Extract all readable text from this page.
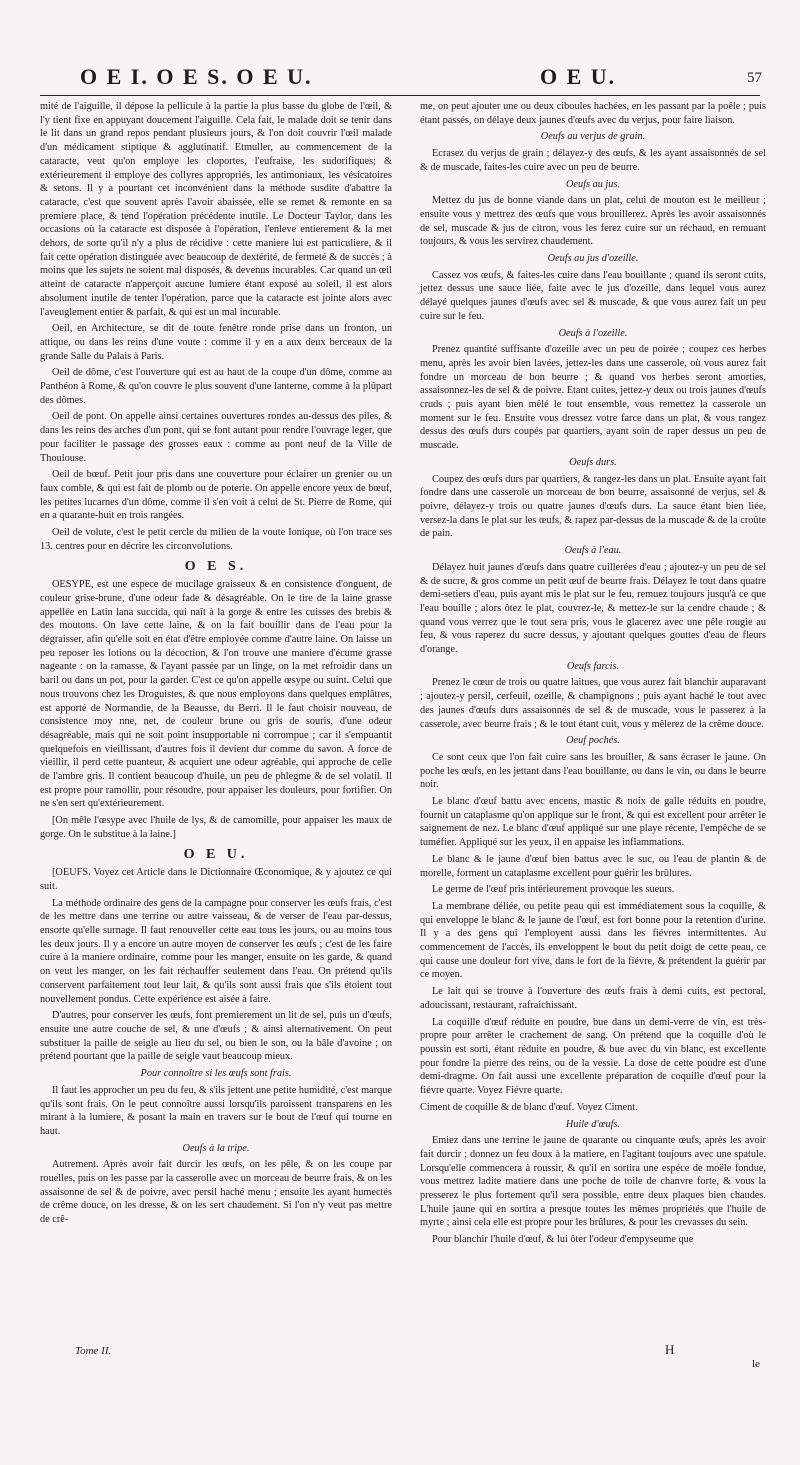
O E I. O E S. O E U.	O E U.	57

mité de l'aiguille, il dépose la pellicule à la partie la plus basse du globe de l'œil, & l'y tient fixe en appuyant doucement l'aiguille. Cela fait, le malade doit se tenir dans le lit dans un grand repos pendant plusieurs jours, & l'on doit couvrir l'œil malade d'un médicament stiptique & agglutinatif. Etmuller, au commencement de la cataracte, veut qu'on employe les cloportes, l'eufraise, les sudorifiques; & extérieurement il employe des collyres appropriés, les antimoniaux, les vésicatoires & setons. Il y a pourtant cet inconvénient dans la méthode susdite d'abattre la cataracte, c'est que souvent après l'avoir abaissée, elle se remet & remonte en sa premiere place, & tend l'opération précédente inutile. Le Docteur Taylor, dans les occasions où la cataracte est disposée à l'opération, l'enleve entierement & la met dehors, de sorte qu'il n'y a plus de récidive : cette maniere lui est particuliere, & il fait cette opération distinguée avec beaucoup de dextérité, de fermeté & de succès ; à moins que les sujets ne soient mal disposés, & devenus incurables. Car quand un œil atteint de cataracte n'apperçoit aucune lumiere étant exposé au soleil, il est alors absolument inutile de tenter l'opération, parce que la cataracte est jointe alors avec l'aveuglement entier & parfait, & qui est un mal incurable.

Oeil, en Architecture, se dit de toute fenêtre ronde prise dans un fronton, un attique, ou dans les reins d'une voute : comme il y en a aux deux berceaux de la grande Salle du Palais à Paris.

Oeil de dôme, c'est l'ouverture qui est au haut de la coupe d'un dôme, comme au Panthéon à Rome, & qu'on couvre le plus souvent d'une lanterne, comme à la plûpart des dômes.

Oeil de pont. On appelle ainsi certaines ouvertures rondes au-dessus des piles, & dans les reins des arches d'un pont, qui se font autant pour rendre l'ouvrage leger, que pour faciliter le passage des grosses eaux : comme au pont neuf de la Ville de Thoulouse.

Oeil de bœuf. Petit jour pris dans une couverture pour éclairer un grenier ou un faux comble, & qui est fait de plomb ou de poterie. On appelle encore yeux de bœuf, les petites lucarnes d'un dôme, comme il s'en voit à celui de St. Pierre de Rome, qui en a quarante-huit en trois rangées.

Oeil de volute, c'est le petit cercle du milieu de la voute Ionique, où l'on trace ses 13. centres pour en décrire les circonvolutions.

O E S.

OESYPE, est une espece de mucilage graisseux & en consistence d'onguent, de couleur grise-brune, d'une odeur fade & désagréable. On le tire de la laine grasse appellée en Latin lana succida, qui naît à la gorge & entre les cuisses des brebis & des moutons. On lave cette laine, & on la fait bouillir dans de l'eau pour la dégraisser, afin qu'elle soit en état d'être employée comme d'autre laine. On laisse un peu reposer les lotions ou la décoction, & l'on trouve une maniere d'écume grasse nageante : on la ramasse, & l'ayant passée par un linge, on la met refroidir dans un baril ou dans un pot, pour la garder. C'est ce qu'on appelle œsype ou suint. Celui que nous trouvons chez les Droguistes, & que nous employons dans quelques emplâtres, est apporté de Normandie, de la Beausse, du Berri. Il le faut choisir nouveau, de consistence moy nne, net, de couleur brune ou gris de souris, d'une odeur désagréable, mais qui ne soit point insupportable ni corrompue ; car il s'empuantit quelquefois en vieillissant, d'autres fois il devient dur comme du savon. A force de vieillir, il perd cette puanteur, & acquiert une odeur agréable, qui approche de celle de l'ambre gris. Il contient beaucoup d'huile, un peu de phlegme & de sel volatil. Il est propre pour ramollir, pour résoudre, pour appaiser les douleurs, pour fortifier. On ne s'en sert qu'extérieurement.

[On mêle l'œsype avec l'huile de lys, & de camomille, pour appaiser les maux de gorge. On le substitue à la laine.]

O E U.

[OEUFS. Voyez cet Article dans le Dictionnaire Œconomique, & y ajoutez ce qui suit.

La méthode ordinaire des gens de la campagne pour conserver les œufs frais, c'est de les mettre dans une terrine ou autre vaisseau, & de verser de l'eau par-dessus, ensorte qu'elle surnage. Il faut renouveller cette eau tous les jours, ou au moins tous les deux jours. Il y a encore un autre moyen de conserver les œufs ; c'est de les faire cuire à la maniere ordinaire, comme pour les manger, ensuite on les garde, & quand on veut les manger, on les fait réchauffer seulement dans l'eau. On prétend qu'ils conservent parfaitement tout leur lait, & qu'ils sont aussi frais que s'ils étoient tout nouvellement pondus. Cette expérience est aisée à faire.

D'autres, pour conserver les œufs, font premierement un lit de sel, puis un d'œufs, ensuite une autre couche de sel, & une d'œufs ; & ainsi alternativement. On peut substituer la paille de seigle au lieu du sel, ou bien le son, ou la bâle d'avoine ; on prétend pourtant que la paille de seigle vaut beaucoup mieux.

Pour connoître si les œufs sont frais.

Il faut les approcher un peu du feu, & s'ils jettent une petite humidité, c'est marque qu'ils sont frais. On le peut connoître aussi lorsqu'ils paroissent transparens en les mirant à la lumiere, & posant la main en travers sur le bout de l'œuf qui tourne en haut.

Oeufs à la tripe.

Autrement. Après avoir fait durcir les œufs, on les pêle, & on les coupe par rouelles, puis on les passe par la casserolle avec un morceau de beurre frais, & on les assaisonne de sel & de poivre, avec persil haché menu ; ensuite les ayant humectés de crême douce, on les dresse, & on les sert chaudement. Si l'on n'y veut pas mettre de crê-

me, on peut ajouter une ou deux ciboules hachées, en les passant par la poêle ; puis étant passés, on délaye deux jaunes d'œufs avec du verjus, pour faire liaison.

Oeufs au verjus de grain.

Ecrasez du verjus de grain ; délayez-y des œufs, & les ayant assaisonnés de sel & de muscade, faites-les cuire avec un peu de beurre.

Oeufs au jus.

Mettez du jus de bonne viande dans un plat, celui de mouton est le meilleur ; ensuite vous y mettrez des œufs que vous brouillerez. Après les avoir assaisonnés de sel, muscade & jus de citron, vous les ferez cuire sur un réchaud, en remuant toujours, & vous les servirez chaudement.

Oeufs au jus d'ozeille.

Cassez vos œufs, & faites-les cuire dans l'eau bouillante ; quand ils seront cuits, jettez dessus une sauce liée, faite avec le jus d'ozeille, dans lequel vous aurez délayé quelques jaunes d'œufs avec sel & muscade, & que vous aurez fait un peu cuire sur le feu.

Oeufs à l'ozeille.

Prenez quantité suffisante d'ozeille avec un peu de poirée ; coupez ces herbes menu, après les avoir bien lavées, jettez-les dans une casserole, où vous aurez fait fondre un morceau de bon beurre ; & quand vos herbes seront amorties, assaisonnez-les de sel & de poivre. Etant cuites, jettez-y deux ou trois jaunes d'œufs cruds ; puis ayant bien mêlé le tout ensemble, vous remettez la casserole un moment sur le feu. Ensuite vous dressez votre farce dans un plat, & vous rangez dessus des œufs durs coupés par quartiers, ayant soin de raper dessus un peu de muscade.

Oeufs durs.

Coupez des œufs durs par quartiers, & rangez-les dans un plat. Ensuite ayant fait fondre dans une casserole un morceau de bon beurre, assaisonné de verjus, sel & poivre, délayez-y trois ou quatre jaunes d'œufs durs. La sauce étant bien liée, versez-la dans le plat sur les œufs, & rapez par-dessus de la muscade & de la croûte de pain.

Oeufs à l'eau.

Délayez huit jaunes d'œufs dans quatre cuillerées d'eau ; ajoutez-y un peu de sel & de sucre, & gros comme un petit œuf de beurre frais. Délayez le tout dans quatre demi-setiers d'eau, puis ayant mis le plat sur le feu, remuez toujours jusqu'à ce que l'eau bouille ; alors ôtez le plat, couvrez-le, & mettez-le sur la cendre chaude ; & quand vous verrez que le tout sera pris, vous le glacerez avec une pêle rougie au feu, & vous raperez du sucre dessus, y ajoutant quelques gouttes d'eau de fleurs d'orange.

Oeufs farcis.

Prenez le cœur de trois ou quatre laitues, que vous aurez fait blanchir auparavant ; ajoutez-y persil, cerfeuil, ozeille, & champignons ; puis ayant haché le tout avec des jaunes d'œufs durs assaisonnés de sel & de muscade, vous le passerez à la casserole, avec beurre frais ; & le tout étant cuit, vous y mêlerez de la crême douce.

Oeuf pochés.

Ce sont ceux que l'on fait cuire sans les brouiller, & sans écraser le jaune. On poche les œufs, en les jettant dans l'eau bouillante, ou dans le vin, ou dans le beurre noir.

Le blanc d'œuf battu avec encens, mastic & noix de galle réduits en poudre, fournit un cataplasme qu'on applique sur le front, & qui est excellent pour arrêter le saignement de nez. Le blanc d'œuf appliqué sur une playe récente, l'empêche de se tuméfier. Appliqué sur les yeux, il en appaise les inflammations.

Le blanc & le jaune d'œuf bien battus avec le suc, ou l'eau de plantin & de morelle, forment un cataplasme excellent pour guérir les brûlures.

Le germe de l'œuf pris intérieurement provoque les sueurs.

La membrane déliée, ou petite peau qui est immédiatement sous la coquille, & qui enveloppe le blanc & le jaune de l'œuf, est fort bonne pour la retention d'urine. Il y a des gens qui l'employent aussi dans les fiévres intermittentes. Au commencement de l'accès, ils enveloppent le bout du petit doigt de cette peau, ce qui cause une douleur fort vive, dans le fort de la fiévre, & prétendent la guérir par ce moyen.

Le lait qui se trouve à l'ouverture des œufs frais à demi cuits, est pectoral, adoucissant, restaurant, rafraichissant.

La coquille d'œuf réduite en poudre, bue dans un demi-verre de vin, est très-propre pour arrêter le crachement de sang. On prétend que la coquille d'où le poussin est sorti, étant réduite en poudre, & bue avec du vin blanc, est excellente pour fondre la pierre des reins, ou de la vessie. La dose de cette poudre est d'une demi-dragme. On fait aussi une excellente préparation de coquille d'œuf pour la fiévre quarte. Voyez Fiévre quarte.

Ciment de coquille & de blanc d'œuf. Voyez Ciment.

Huile d'œufs.

Emiez dans une terrine le jaune de quarante ou cinquante œufs, après les avoir fait durcir ; donnez un feu doux à la matiere, en l'agitant toujours avec une spatule. Lorsqu'elle commencera à roussir, & qu'il en sortira une espéce de moële fondue, vous mettrez ladite matiere dans une poche de toile de chanvre forte, & vous la presserez le plus fortement qu'il sera possible, entre deux plaques bien chaudes. L'huile jaune qui en sortira a presque toutes les mêmes propriétés que l'huile de myrte ; ainsi cela elle est propre pour les brûlures, & pour les crevasses du sein.

Pour blanchir l'huile d'œuf, & lui ôter l'odeur d'empyseume que

Tome II.	H
le
